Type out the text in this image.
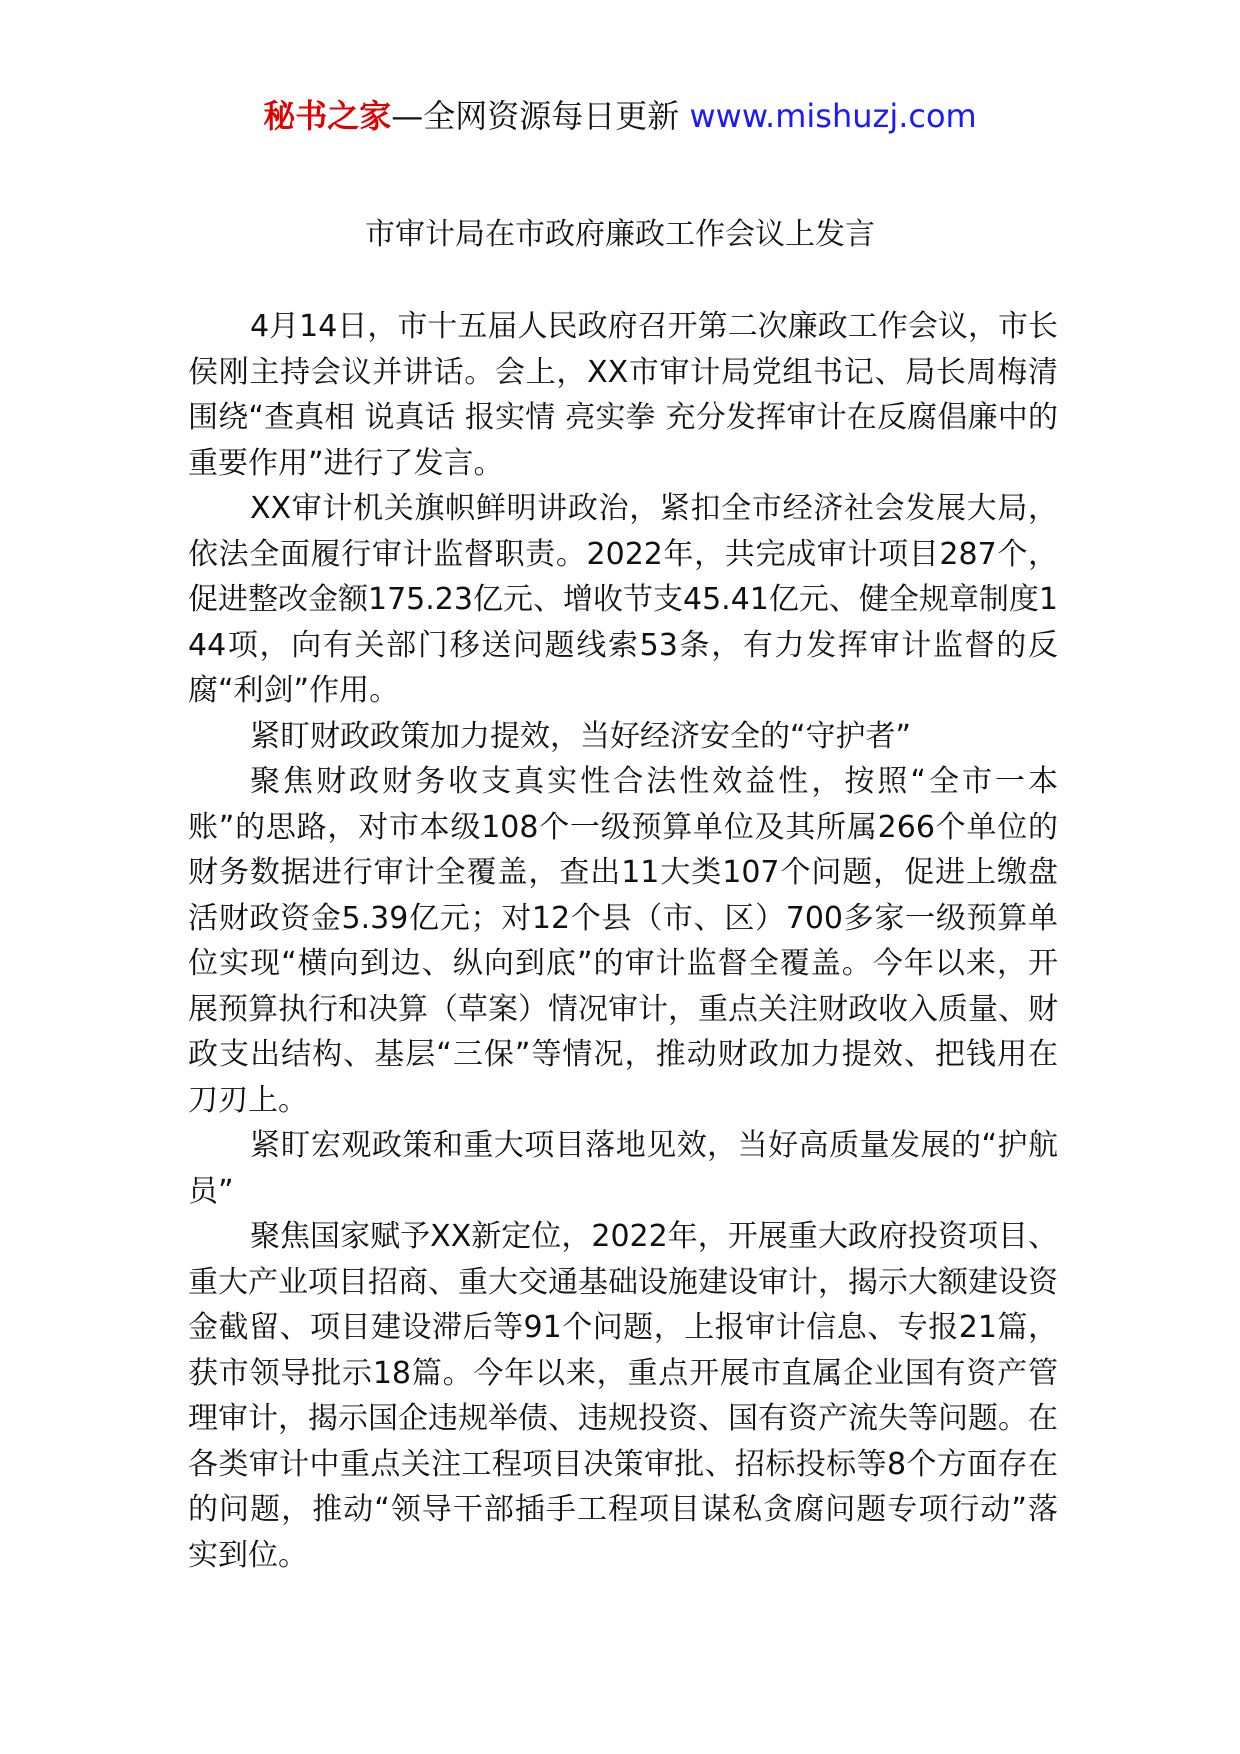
秘书之家—全网资源每日更新 www.mishuzj.com
市审计局在市政府廉政工作会议上发言

4月14日，市十五届人民政府召开第二次廉政工作会议，市长侯刚主持会议并讲话。会上，XX市审计局党组书记、局长周梅清围绕“查真相 说真话 报实情 亮实拳 充分发挥审计在反腐倡廉中的重要作用”进行了发言。

XX审计机关旗帜鲜明讲政治，紧扣全市经济社会发展大局，依法全面履行审计监督职责。2022年，共完成审计项目287个，促进整改金额175.23亿元、增收节支45.41亿元、健全规章制度144项，向有关部门移送问题线索53条，有力发挥审计监督的反腐“利剑”作用。

紧盯财政政策加力提效，当好经济安全的“守护者”

聚焦财政财务收支真实性合法性效益性，按照“全市一本账”的思路，对市本级108个一级预算单位及其所属266个单位的财务数据进行审计全覆盖，查出11大类107个问题，促进上缴盘活财政资金5.39亿元；对12个县（市、区）700多家一级预算单位实现“横向到边、纵向到底”的审计监督全覆盖。今年以来，开展预算执行和决算（草案）情况审计，重点关注财政收入质量、财政支出结构、基层“三保”等情况，推动财政加力提效、把钱用在刀刃上。

紧盯宏观政策和重大项目落地见效，当好高质量发展的“护航员”

聚焦国家赋予XX新定位，2022年，开展重大政府投资项目、重大产业项目招商、重大交通基础设施建设审计，揭示大额建设资金截留、项目建设滞后等91个问题，上报审计信息、专报21篇，获市领导批示18篇。今年以来，重点开展市直属企业国有资产管理审计，揭示国企违规举债、违规投资、国有资产流失等问题。在各类审计中重点关注工程项目决策审批、招标投标等8个方面存在的问题，推动“领导干部插手工程项目谋私贪腐问题专项行动”落实到位。
